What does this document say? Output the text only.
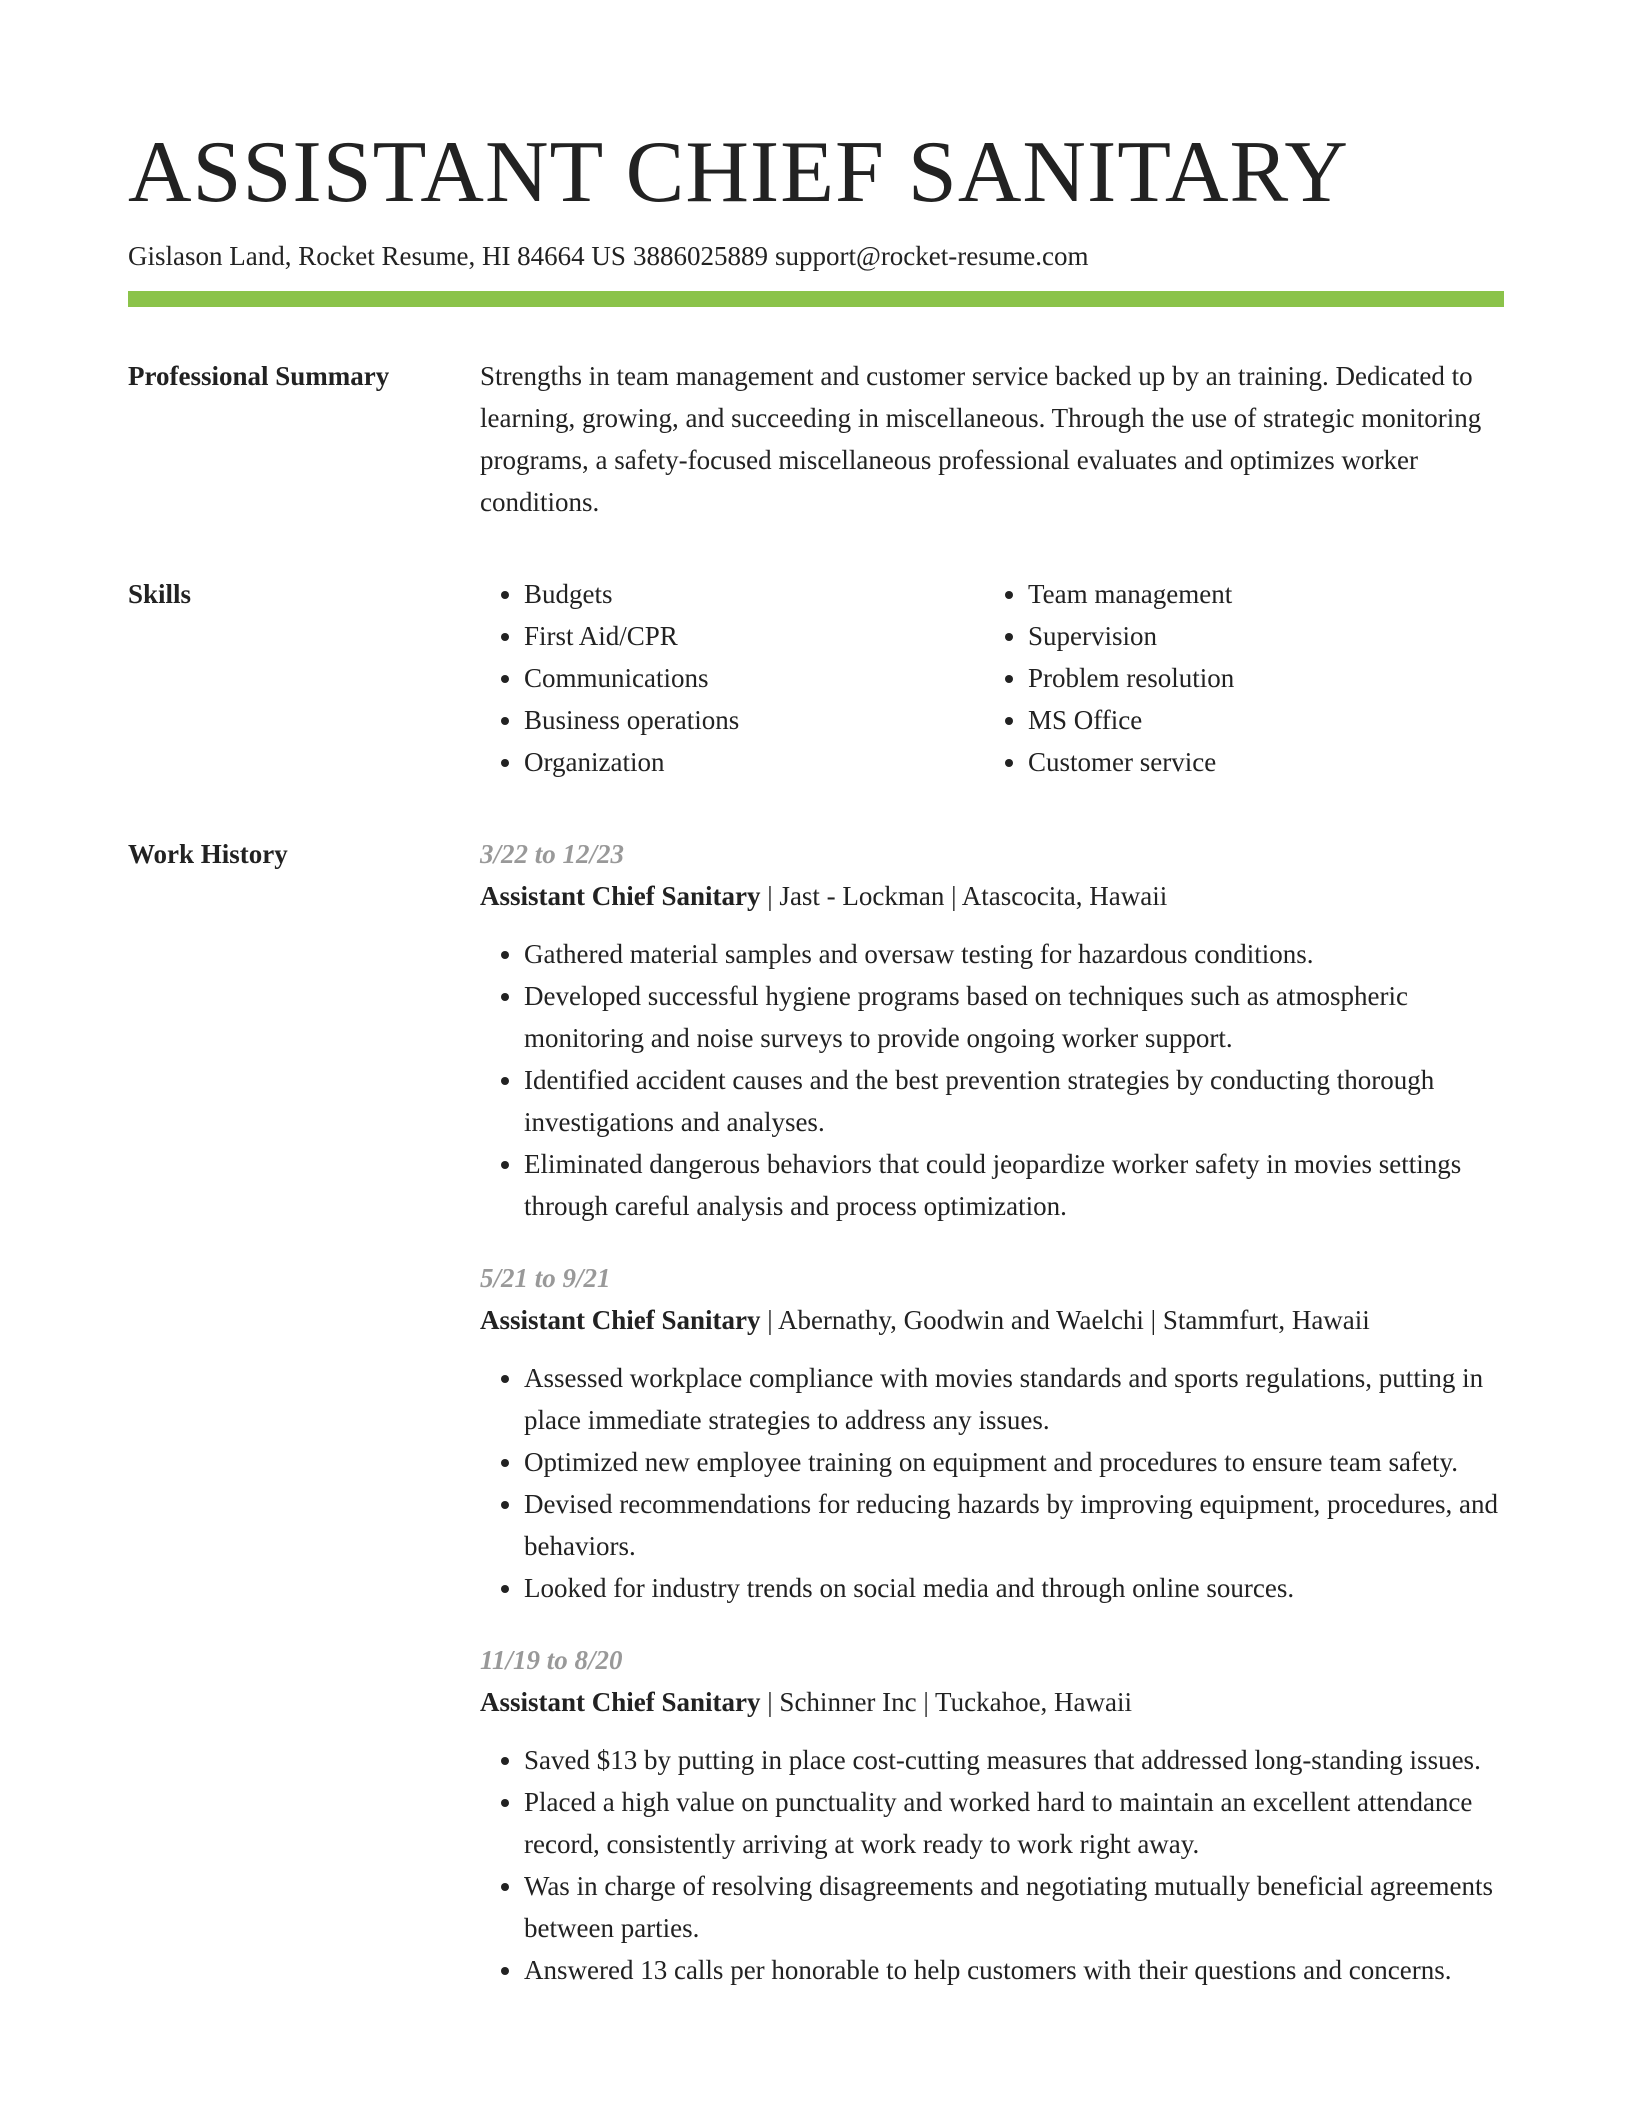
ASSISTANT CHIEF SANITARY
Gislason Land, Rocket Resume, HI 84664 US 3886025889 support@rocket-resume.com
Professional Summary	Strengths in team management and customer service backed up by an training. Dedicated to learning, growing, and succeeding in miscellaneous. Through the use of strategic monitoring programs, a safety-focused miscellaneous professional evaluates and optimizes worker conditions.
Skills
•	Budgets
• First Aid/CPR
• Communications
• Business operations
• Organization
• Team management
• Supervision
• Problem resolution
• MS Office
• Customer service
Work History	3/22 to 12/23
Assistant Chief Sanitary | Jast - Lockman | Atascocita, Hawaii
• Gathered material samples and oversaw testing for hazardous conditions.
• Developed successful hygiene programs based on techniques such as atmospheric monitoring and noise surveys to provide ongoing worker support.
• Identified accident causes and the best prevention strategies by conducting thorough investigations and analyses.
• Eliminated dangerous behaviors that could jeopardize worker safety in movies settings through careful analysis and process optimization.
5/21 to 9/21
Assistant Chief Sanitary | Abernathy, Goodwin and Waelchi | Stammfurt, Hawaii
• Assessed workplace compliance with movies standards and sports regulations, putting in place immediate strategies to address any issues.
• Optimized new employee training on equipment and procedures to ensure team safety.
• Devised recommendations for reducing hazards by improving equipment, procedures, and behaviors.
• Looked for industry trends on social media and through online sources.
11/19 to 8/20
Assistant Chief Sanitary | Schinner Inc | Tuckahoe, Hawaii
• Saved $13 by putting in place cost-cutting measures that addressed long-standing issues.
• Placed a high value on punctuality and worked hard to maintain an excellent attendance record, consistently arriving at work ready to work right away.
• Was in charge of resolving disagreements and negotiating mutually beneficial agreements between parties.
• Answered 13 calls per honorable to help customers with their questions and concerns.
